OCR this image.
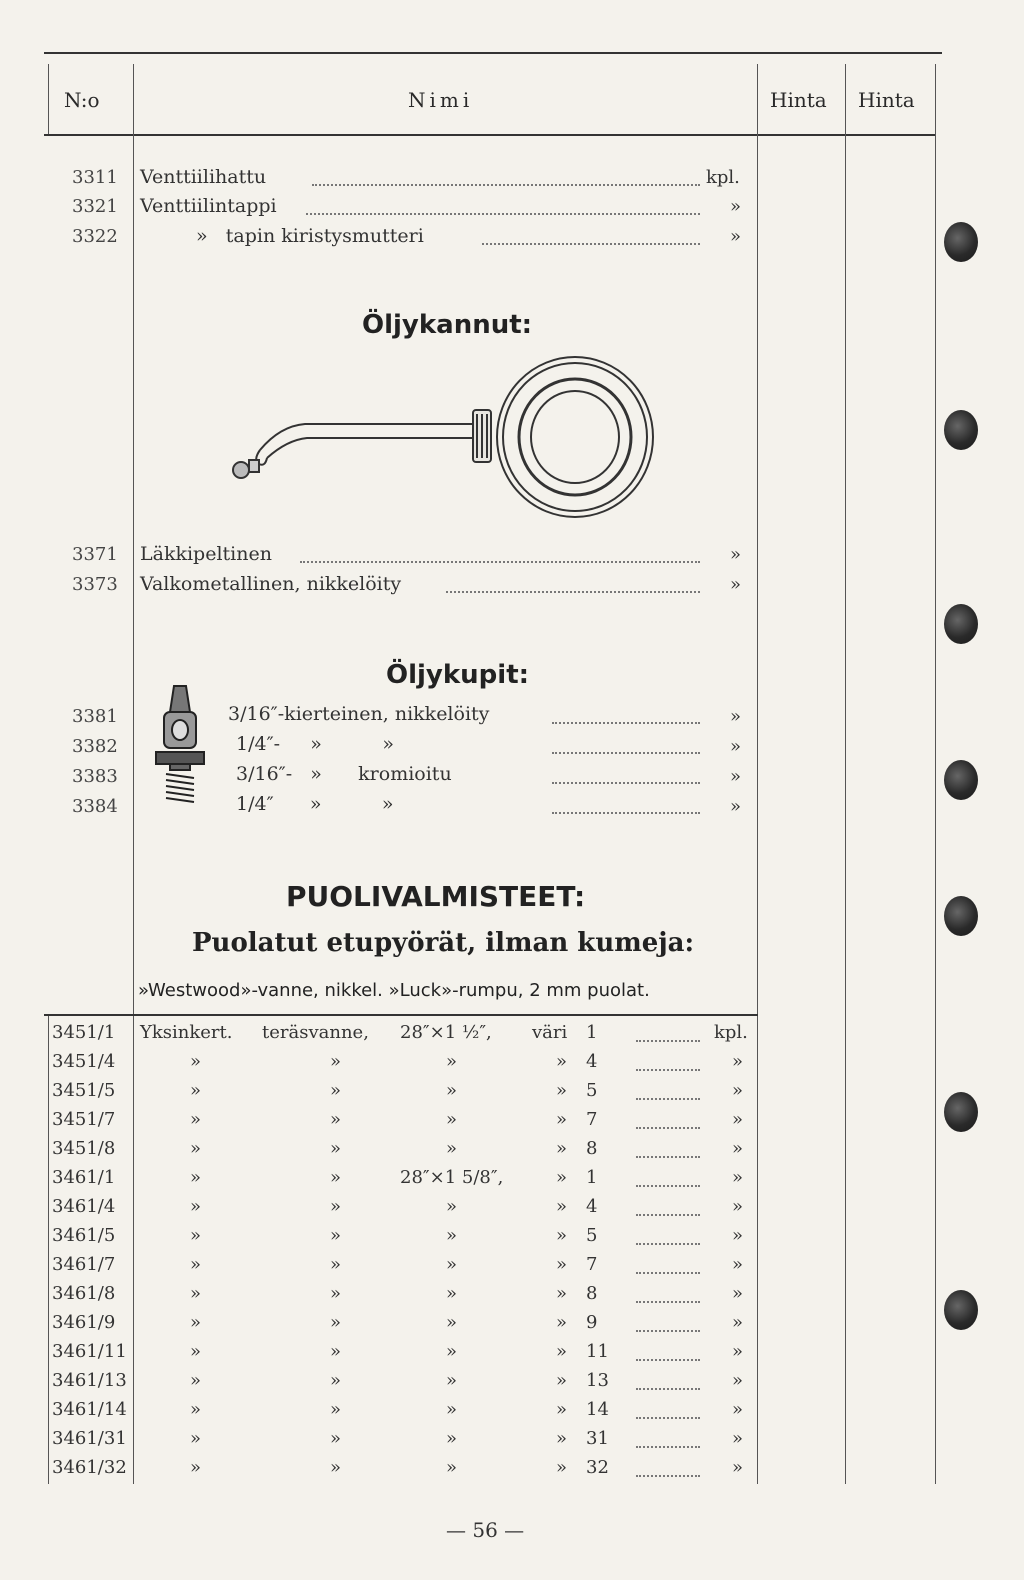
N:o	Nimi	Hinta Hinta
3311 Venttiilihattu	kpl.
3321 Venttiilintappi	»
3322	»   tapin kiristysmutteri	»
Öljykannut:
3371 Läkkipeltinen	»
3373 Valkometallinen, nikkelöity	»
Öljykupit:
3381	3/16″-kierteinen, nikkelöity	»
3382	1/4″-     »          »	»
3383	3/16″-   »      kromioitu	»
3384	1/4″      »          »	»
PUOLIVALMISTEET:
Puolatut etupyörät, ilman kumeja:
»Westwood»-vanne, nikkel. »Luck»-rumpu, 2 mm puolat.
3451/1 Yksinkert. teräsvanne, 28″×1 ½″, väri 1	kpl.
3451/4	»	»	»	» 4	»
3451/5	»	»	»	» 5	»
3451/7	»	»	»	» 7	»
3451/8	»	»	»	» 8	»
3461/1	»	»	28″×1 5/8″,	» 1	»
3461/4	»	»	»	» 4	»
3461/5	»	»	»	» 5	»
3461/7	»	»	»	» 7	»
3461/8	»	»	»	» 8	»
3461/9	»	»	»	» 9	»
3461/11	»	»	»	» 11	»
3461/13	»	»	»	» 13	»
3461/14	»	»	»	» 14	»
3461/31	»	»	»	» 31	»
3461/32	»	»	»	» 32	»
— 56 —
